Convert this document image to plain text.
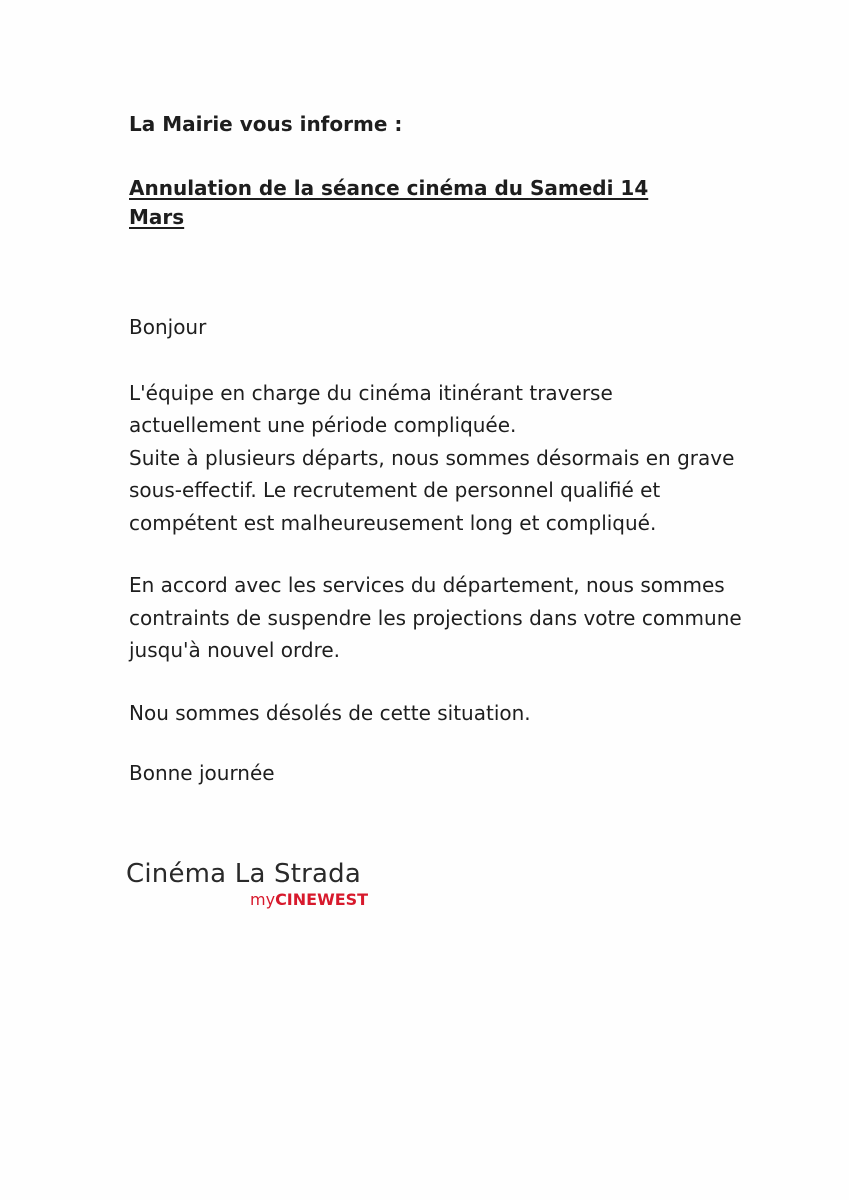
La Mairie vous informe :

Annulation de la séance cinéma du Samedi 14 Mars

Bonjour

L'équipe en charge du cinéma itinérant traverse actuellement une période compliquée.

Suite à plusieurs départs, nous sommes désormais en grave sous-effectif. Le recrutement de personnel qualifié et compétent est malheureusement long et compliqué.

En accord avec les services du département, nous sommes contraints de suspendre les projections dans votre commune jusqu'à nouvel ordre.

Nou sommes désolés de cette situation.

Bonne journée

Cinéma La Strada

myCINEWEST
